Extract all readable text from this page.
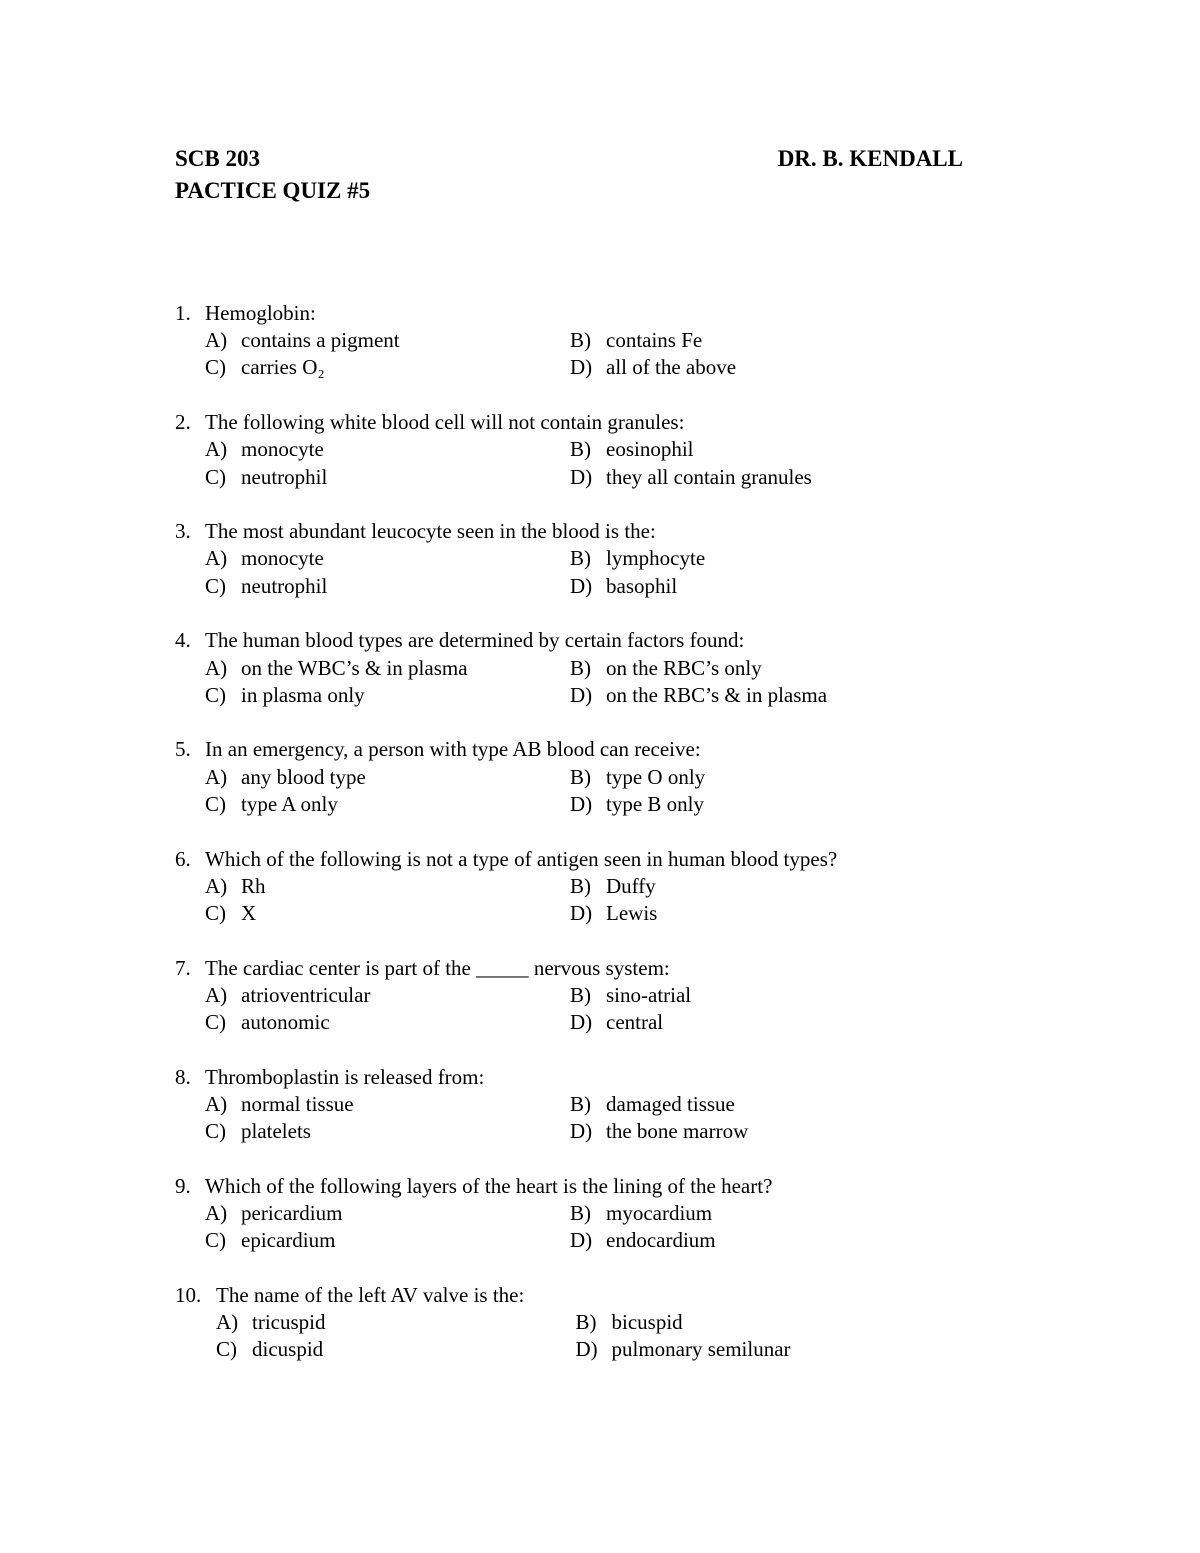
SCB 203	DR. B. KENDALL
PACTICE QUIZ #5
1. Hemoglobin:
A) contains a pigment	B) contains Fe
C) carries O₂	D) all of the above
2. The following white blood cell will not contain granules:
A) monocyte	B) eosinophil
C) neutrophil	D) they all contain granules
3. The most abundant leucocyte seen in the blood is the:
A) monocyte	B) lymphocyte
C) neutrophil	D) basophil
4. The human blood types are determined by certain factors found:
A) on the WBC’s & in plasma	B) on the RBC’s only
C) in plasma only	D) on the RBC’s & in plasma
5. In an emergency, a person with type AB blood can receive:
A) any blood type	B) type O only
C) type A only	D) type B only
6. Which of the following is not a type of antigen seen in human blood types?
A) Rh	B) Duffy
C) X	D) Lewis
7. The cardiac center is part of the _____ nervous system:
A) atrioventricular	B) sino-atrial
C) autonomic	D) central
8. Thromboplastin is released from:
A) normal tissue	B) damaged tissue
C) platelets	D) the bone marrow
9. Which of the following layers of the heart is the lining of the heart?
A) pericardium	B) myocardium
C) epicardium	D) endocardium
10. The name of the left AV valve is the:
A) tricuspid	B) bicuspid
C) dicuspid	D) pulmonary semilunar
